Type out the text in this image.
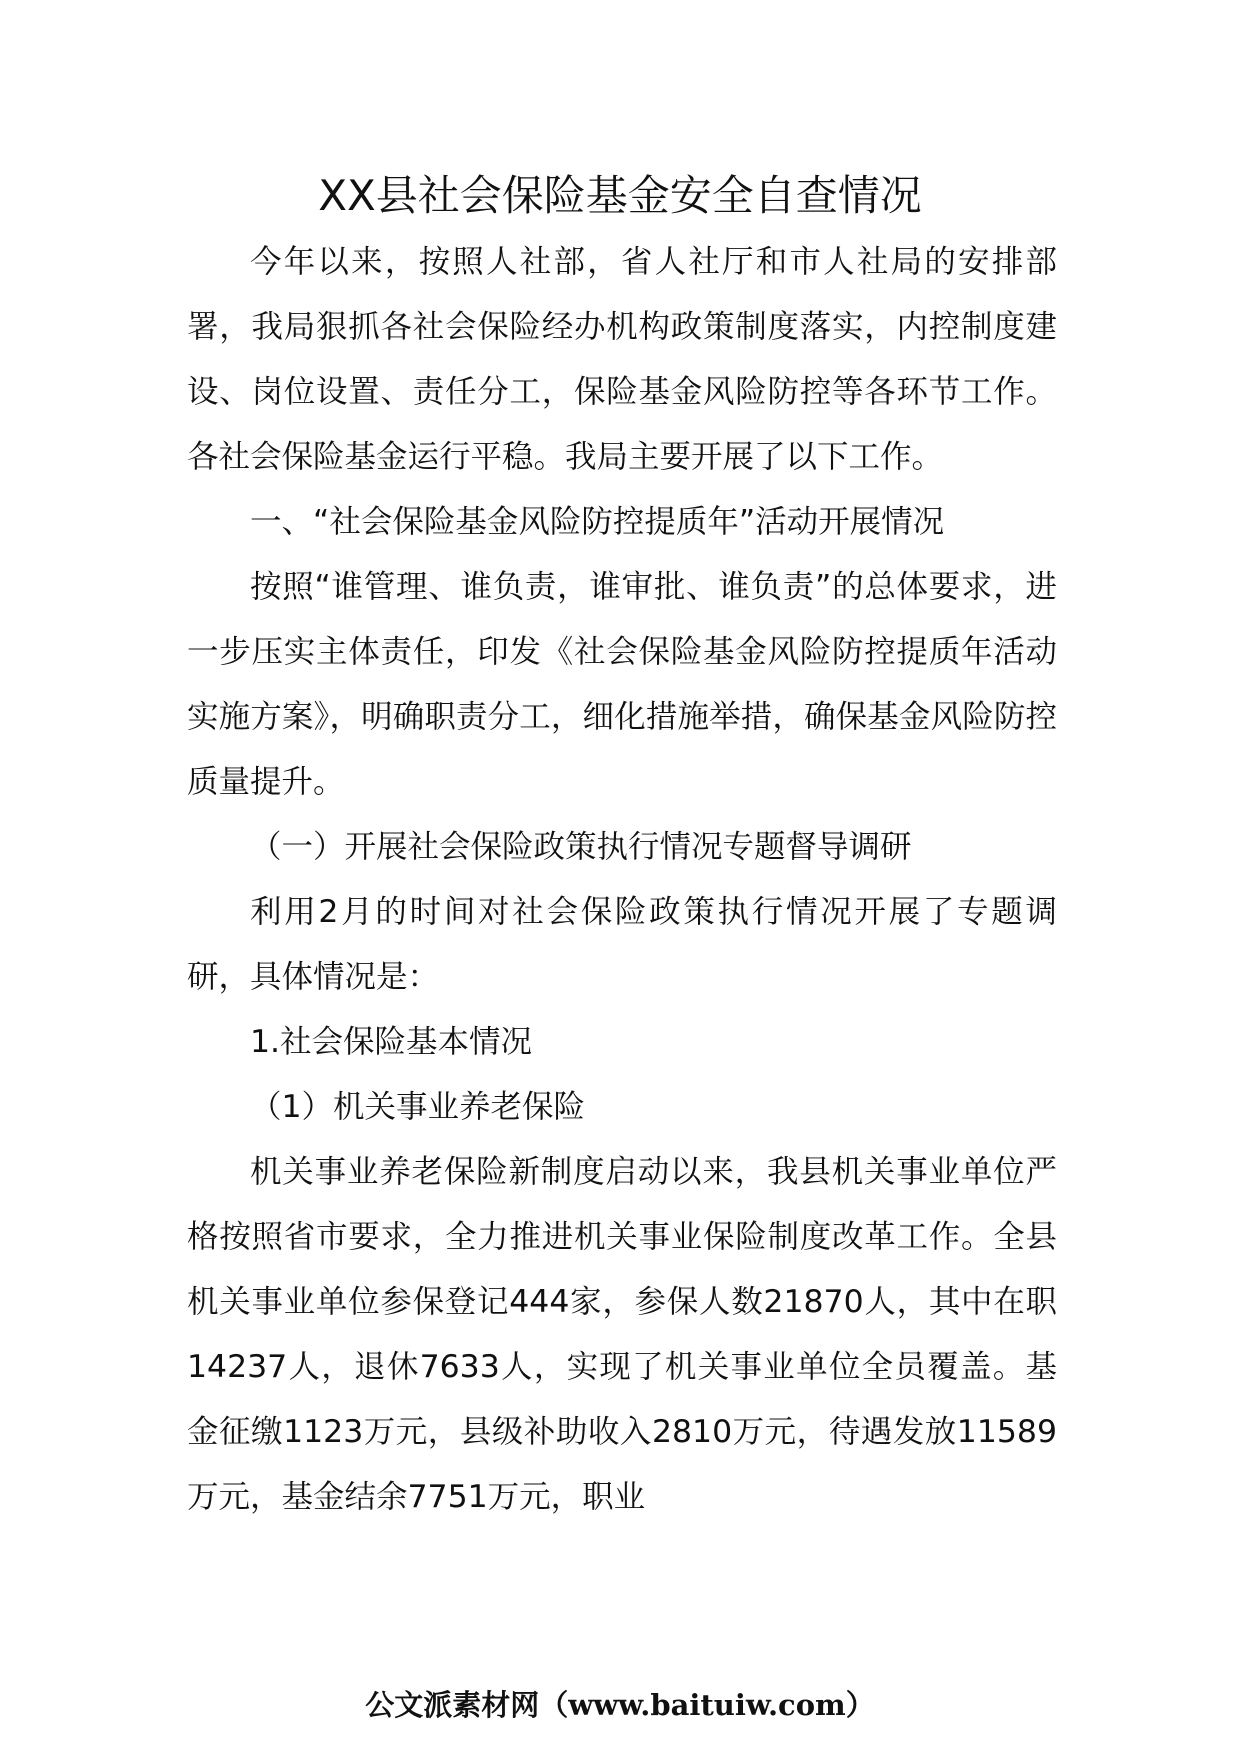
XX县社会保险基金安全自查情况

今年以来，按照人社部，省人社厅和市人社局的安排部署，我局狠抓各社会保险经办机构政策制度落实，内控制度建设、岗位设置、责任分工，保险基金风险防控等各环节工作。各社会保险基金运行平稳。我局主要开展了以下工作。

一、“社会保险基金风险防控提质年”活动开展情况

按照“谁管理、谁负责，谁审批、谁负责”的总体要求，进一步压实主体责任，印发《社会保险基金风险防控提质年活动实施方案》，明确职责分工，细化措施举措，确保基金风险防控质量提升。

（一）开展社会保险政策执行情况专题督导调研

利用2月的时间对社会保险政策执行情况开展了专题调研，具体情况是：

1.社会保险基本情况

（1）机关事业养老保险

机关事业养老保险新制度启动以来，我县机关事业单位严格按照省市要求，全力推进机关事业保险制度改革工作。全县机关事业单位参保登记444家，参保人数21870人，其中在职14237人，退休7633人，实现了机关事业单位全员覆盖。基金征缴1123万元，县级补助收入2810万元，待遇发放11589万元，基金结余7751万元，职业

公文派素材网（www.baituiw.com）
